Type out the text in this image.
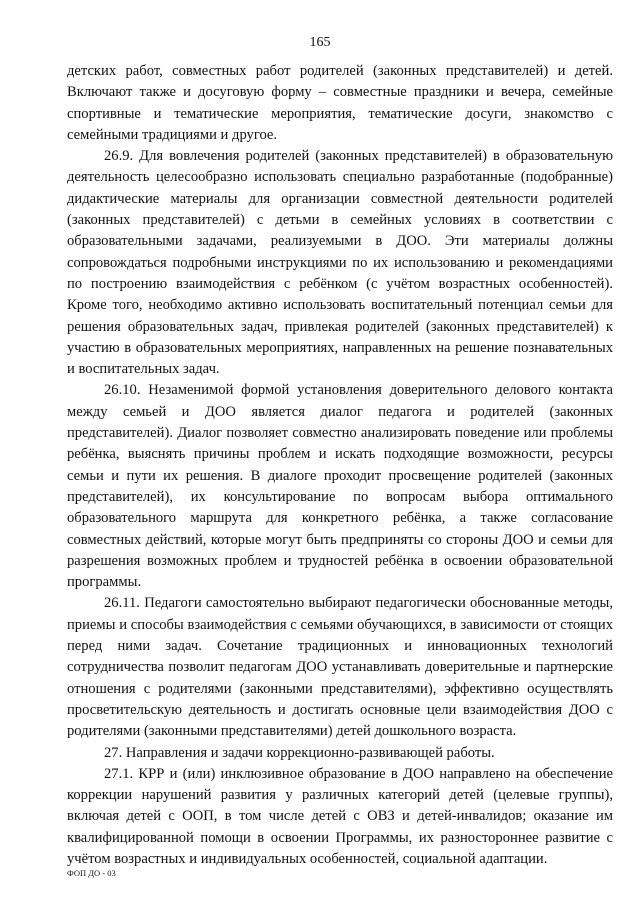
165

детских работ, совместных работ родителей (законных представителей) и детей. Включают также и досуговую форму – совместные праздники и вечера, семейные спортивные и тематические мероприятия, тематические досуги, знакомство с семейными традициями и другое.

26.9. Для вовлечения родителей (законных представителей) в образовательную деятельность целесообразно использовать специально разработанные (подобранные) дидактические материалы для организации совместной деятельности родителей (законных представителей) с детьми в семейных условиях в соответствии с образовательными задачами, реализуемыми в ДОО. Эти материалы должны сопровождаться подробными инструкциями по их использованию и рекомендациями по построению взаимодействия с ребёнком (с учётом возрастных особенностей). Кроме того, необходимо активно использовать воспитательный потенциал семьи для решения образовательных задач, привлекая родителей (законных представителей) к участию в образовательных мероприятиях, направленных на решение познавательных и воспитательных задач.

26.10. Незаменимой формой установления доверительного делового контакта между семьей и ДОО является диалог педагога и родителей (законных представителей). Диалог позволяет совместно анализировать поведение или проблемы ребёнка, выяснять причины проблем и искать подходящие возможности, ресурсы семьи и пути их решения. В диалоге проходит просвещение родителей (законных представителей), их консультирование по вопросам выбора оптимального образовательного маршрута для конкретного ребёнка, а также согласование совместных действий, которые могут быть предприняты со стороны ДОО и семьи для разрешения возможных проблем и трудностей ребёнка в освоении образовательной программы.

26.11. Педагоги самостоятельно выбирают педагогически обоснованные методы, приемы и способы взаимодействия с семьями обучающихся, в зависимости от стоящих перед ними задач. Сочетание традиционных и инновационных технологий сотрудничества позволит педагогам ДОО устанавливать доверительные и партнерские отношения с родителями (законными представителями), эффективно осуществлять просветительскую деятельность и достигать основные цели взаимодействия ДОО с родителями (законными представителями) детей дошкольного возраста.

27. Направления и задачи коррекционно-развивающей работы.

27.1. КРР и (или) инклюзивное образование в ДОО направлено на обеспечение коррекции нарушений развития у различных категорий детей (целевые группы), включая детей с ООП, в том числе детей с ОВЗ и детей-инвалидов; оказание им квалифицированной помощи в освоении Программы, их разностороннее развитие с учётом возрастных и индивидуальных особенностей, социальной адаптации.

ФОП ДО - 03
